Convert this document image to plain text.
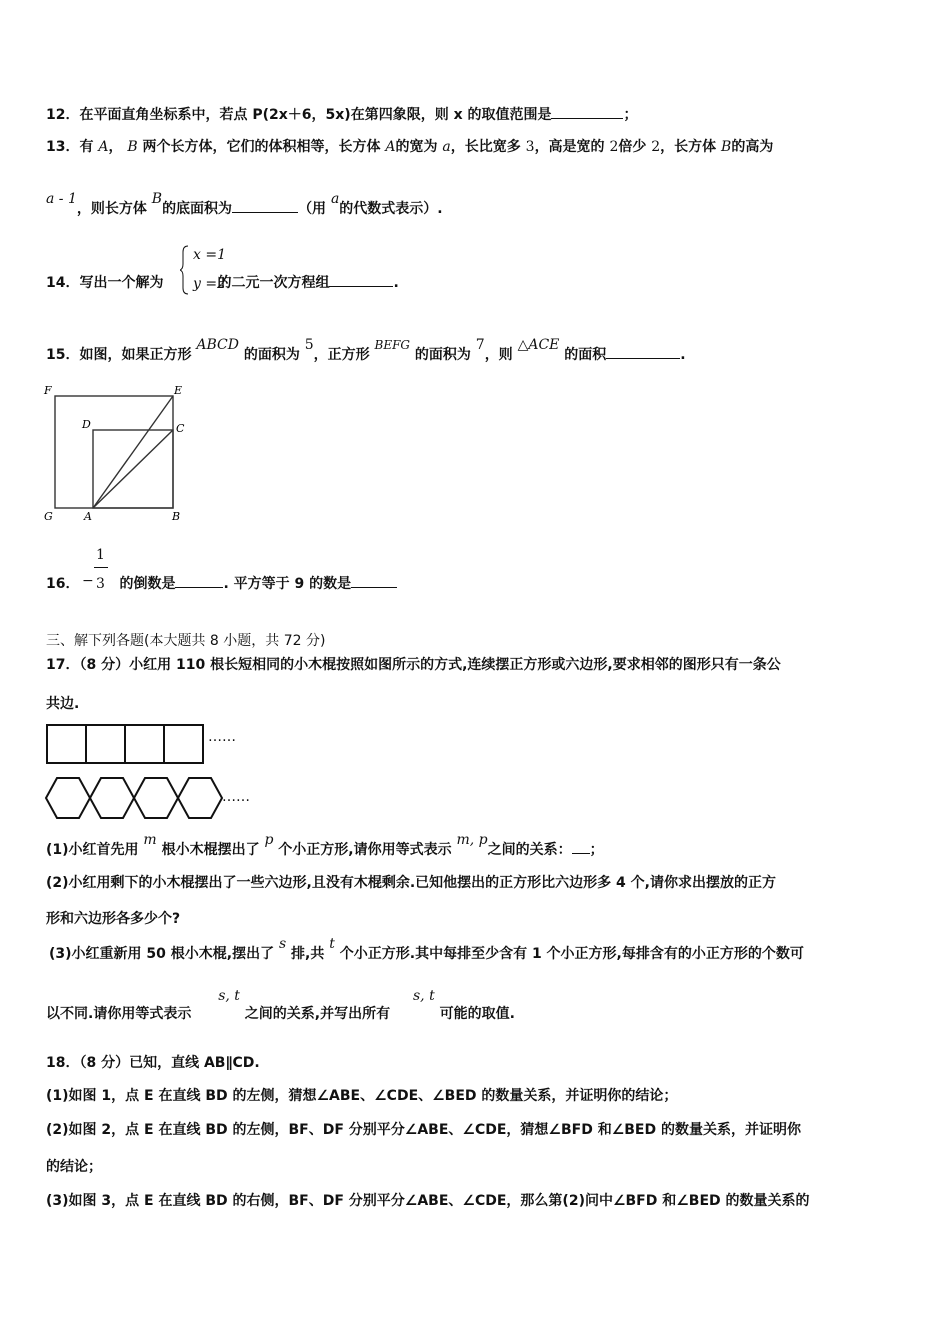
12．在平面直角坐标系中，若点 P(2x＋6，5x)在第四象限，则 x 的取值范围是	；
13．有 A， B 两个长方体，它们的体积相等，长方体 A的宽为 a，长比宽多 3，高是宽的 2倍少 2，长方体 B的高为
a - 1，则长方体 B的底面积为	（用 a的代数式表示）.
14．写出一个解为	的二元一次方程组	.
x =1
y =2
15．如图，如果正方形 ABCD 的面积为 5，正方形 BEFG 的面积为 7，则 △ACE 的面积	.
F	E
D	C
G	A	B
16．	的倒数是	. 平方等于 9 的数是
−
1
3
三、解下列各题(本大题共 8 小题，共 72 分)
17．（8 分）小红用 110 根长短相同的小木棍按照如图所示的方式,连续摆正方形或六边形,要求相邻的图形只有一条公
共边.
……
……
(1)小红首先用 m 根小木棍摆出了 p 个小正方形,请你用等式表示 m, p之间的关系： ；
(2)小红用剩下的小木棍摆出了一些六边形,且没有木棍剩余.已知他摆出的正方形比六边形多 4 个,请你求出摆放的正方
形和六边形各多少个?
(3)小红重新用 50 根小木棍,摆出了 s 排,共 t 个小正方形.其中每排至少含有 1 个小正方形,每排含有的小正方形的个数可
以不同.请你用等式表示 s, t 之间的关系,并写出所有 s, t 可能的取值.
18．（8 分）已知，直线 AB∥CD.
(1)如图 1，点 E 在直线 BD 的左侧，猜想∠ABE、∠CDE、∠BED 的数量关系，并证明你的结论；
(2)如图 2，点 E 在直线 BD 的左侧，BF、DF 分别平分∠ABE、∠CDE，猜想∠BFD 和∠BED 的数量关系，并证明你
的结论；
(3)如图 3，点 E 在直线 BD 的右侧，BF、DF 分别平分∠ABE、∠CDE，那么第(2)问中∠BFD 和∠BED 的数量关系的
